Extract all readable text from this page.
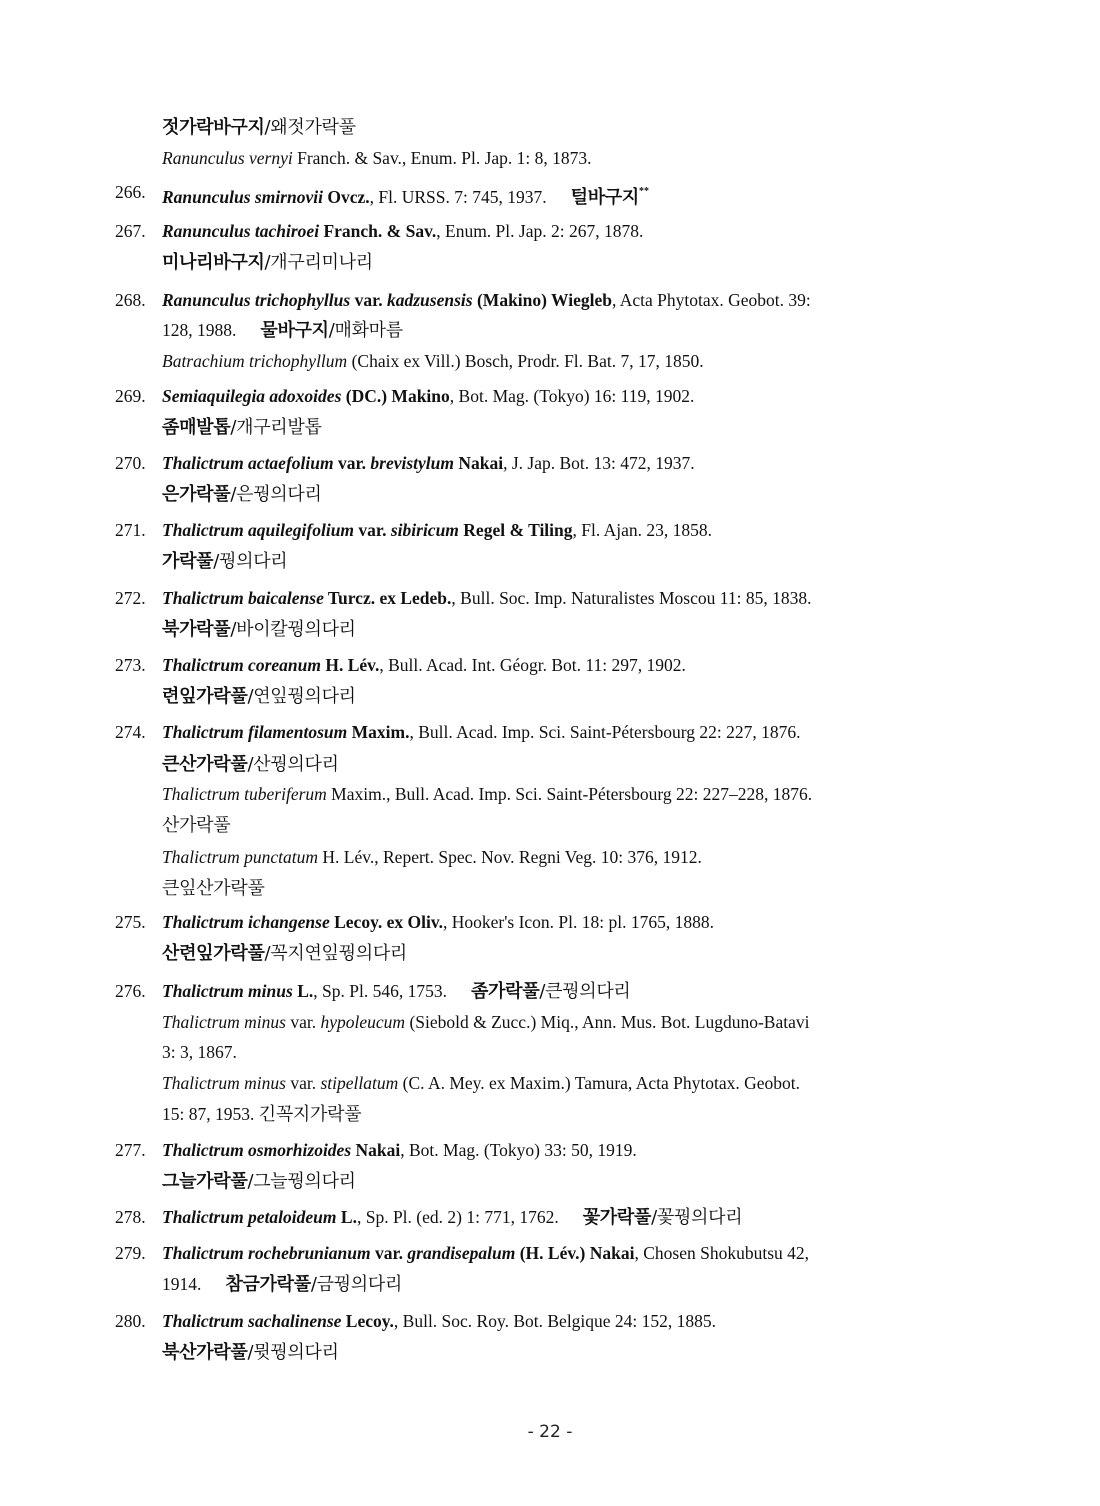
젓가락바구지/왜젓가락풀
Ranunculus vernyi Franch. & Sav., Enum. Pl. Jap. 1: 8, 1873.
266. Ranunculus smirnovii Ovcz., Fl. URSS. 7: 745, 1937. 털바구지**
267. Ranunculus tachiroei Franch. & Sav., Enum. Pl. Jap. 2: 267, 1878.
미나리바구지/개구리미나리
268. Ranunculus trichophyllus var. kadzusensis (Makino) Wiegleb, Acta Phytotax. Geobot. 39:
128, 1988. 물바구지/매화마름
Batrachium trichophyllum (Chaix ex Vill.) Bosch, Prodr. Fl. Bat. 7, 17, 1850.
269. Semiaquilegia adoxoides (DC.) Makino, Bot. Mag. (Tokyo) 16: 119, 1902.
좀매발톱/개구리발톱
270. Thalictrum actaefolium var. brevistylum Nakai, J. Jap. Bot. 13: 472, 1937.
은가락풀/은꿩의다리
271. Thalictrum aquilegifolium var. sibiricum Regel & Tiling, Fl. Ajan. 23, 1858.
가락풀/꿩의다리
272. Thalictrum baicalense Turcz. ex Ledeb., Bull. Soc. Imp. Naturalistes Moscou 11: 85, 1838.
북가락풀/바이칼꿩의다리
273. Thalictrum coreanum H. Lév., Bull. Acad. Int. Géogr. Bot. 11: 297, 1902.
련잎가락풀/연잎꿩의다리
274. Thalictrum filamentosum Maxim., Bull. Acad. Imp. Sci. Saint-Pétersbourg 22: 227, 1876.
큰산가락풀/산꿩의다리
Thalictrum tuberiferum Maxim., Bull. Acad. Imp. Sci. Saint-Pétersbourg 22: 227–228, 1876.
산가락풀
Thalictrum punctatum H. Lév., Repert. Spec. Nov. Regni Veg. 10: 376, 1912.
큰잎산가락풀
275. Thalictrum ichangense Lecoy. ex Oliv., Hooker's Icon. Pl. 18: pl. 1765, 1888.
산련잎가락풀/꼭지연잎꿩의다리
276. Thalictrum minus L., Sp. Pl. 546, 1753. 좀가락풀/큰꿩의다리
Thalictrum minus var. hypoleucum (Siebold & Zucc.) Miq., Ann. Mus. Bot. Lugduno-Batavi
3: 3, 1867.
Thalictrum minus var. stipellatum (C. A. Mey. ex Maxim.) Tamura, Acta Phytotax. Geobot.
15: 87, 1953. 긴꼭지가락풀
277. Thalictrum osmorhizoides Nakai, Bot. Mag. (Tokyo) 33: 50, 1919.
그늘가락풀/그늘꿩의다리
278. Thalictrum petaloideum L., Sp. Pl. (ed. 2) 1: 771, 1762. 꽃가락풀/꽃꿩의다리
279. Thalictrum rochebrunianum var. grandisepalum (H. Lév.) Nakai, Chosen Shokubutsu 42,
1914. 참금가락풀/금꿩의다리
280. Thalictrum sachalinense Lecoy., Bull. Soc. Roy. Bot. Belgique 24: 152, 1885.
북산가락풀/뮛꿩의다리
- 22 -
